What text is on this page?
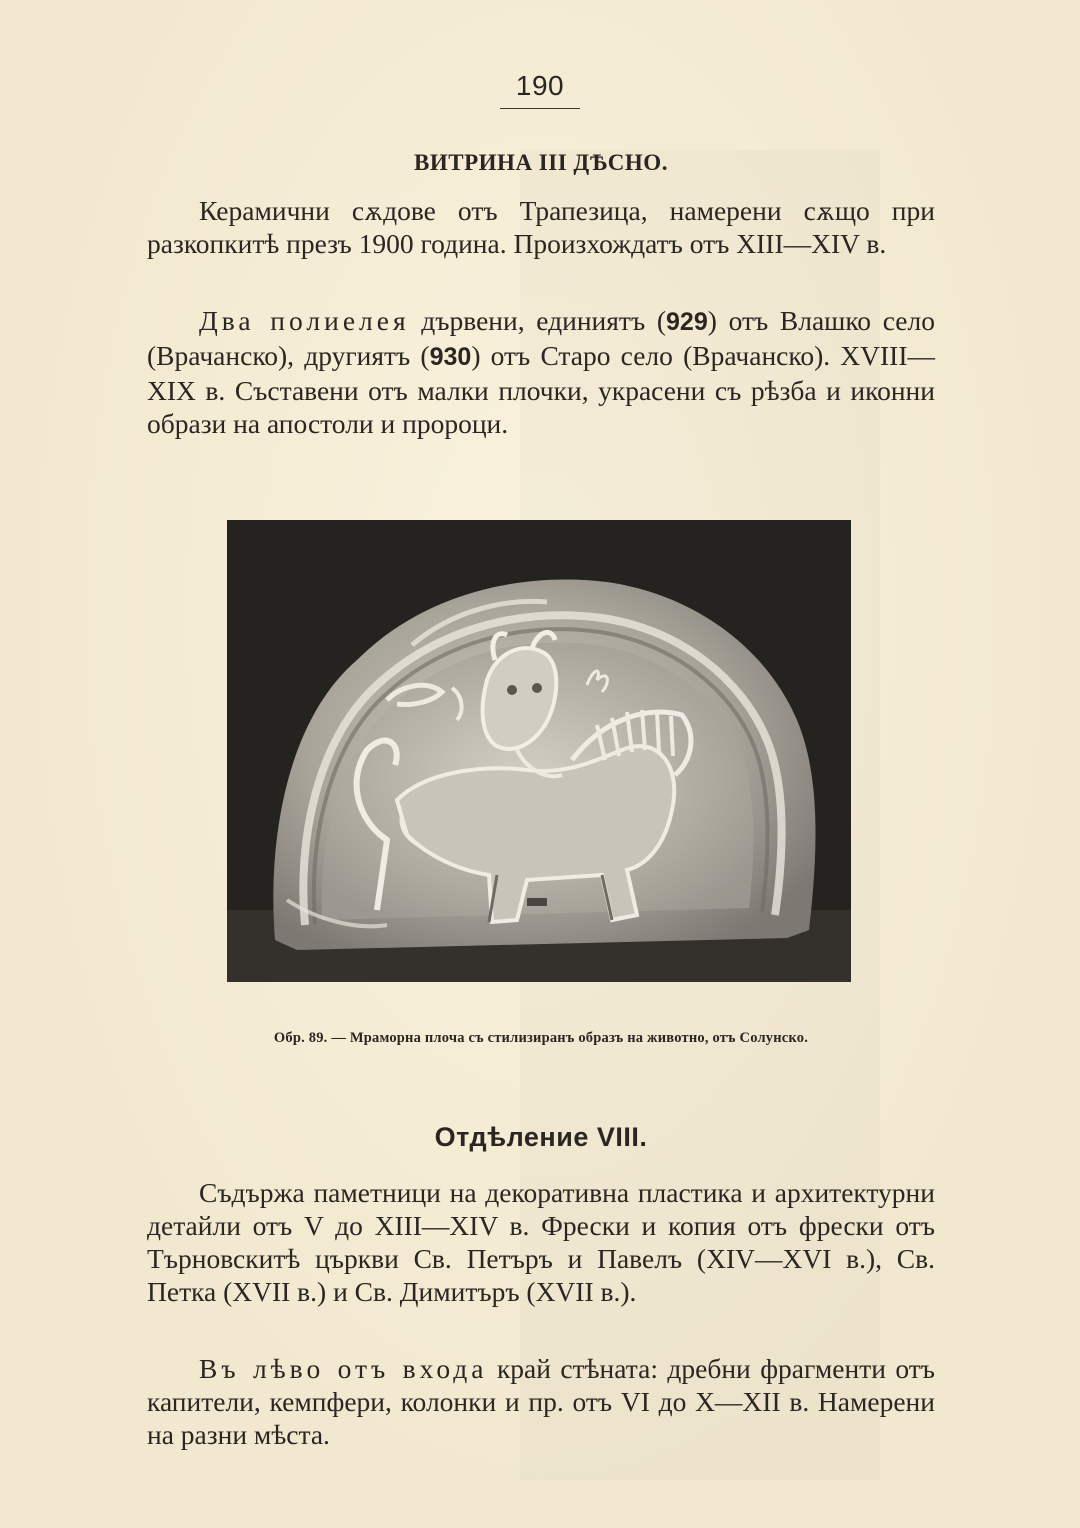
190
ВИТРИНА III ДѢСНО.

Керамични сѫдове отъ Трапезица, намерени сѫщо при разкопкитѣ презъ 1900 година. Произхождатъ отъ XIII—XIV в.

Два полиелея дървени, единиятъ (929) отъ Влашко село (Врачанско), другиятъ (930) отъ Старо село (Врачанско). XVIII—XIX в. Съставени отъ малки плочки, украсени съ рѣзба и иконни образи на апостоли и пророци.

Обр. 89. — Мраморна плоча съ стилизиранъ образъ на животно, отъ Солунско.
Отдѣление VIII.

Съдържа паметници на декоративна пластика и архитектурни детайли отъ V до XIII—XIV в. Фрески и копия отъ фрески отъ Търновскитѣ църкви Св. Петъръ и Павелъ (XIV—XVI в.), Св. Петка (XVII в.) и Св. Димитъръ (XVII в.).

Въ лѣво отъ входа край стѣната: дребни фрагменти отъ капители, кемпфери, колонки и пр. отъ VI до X—XII в. Намерени на разни мѣста.
